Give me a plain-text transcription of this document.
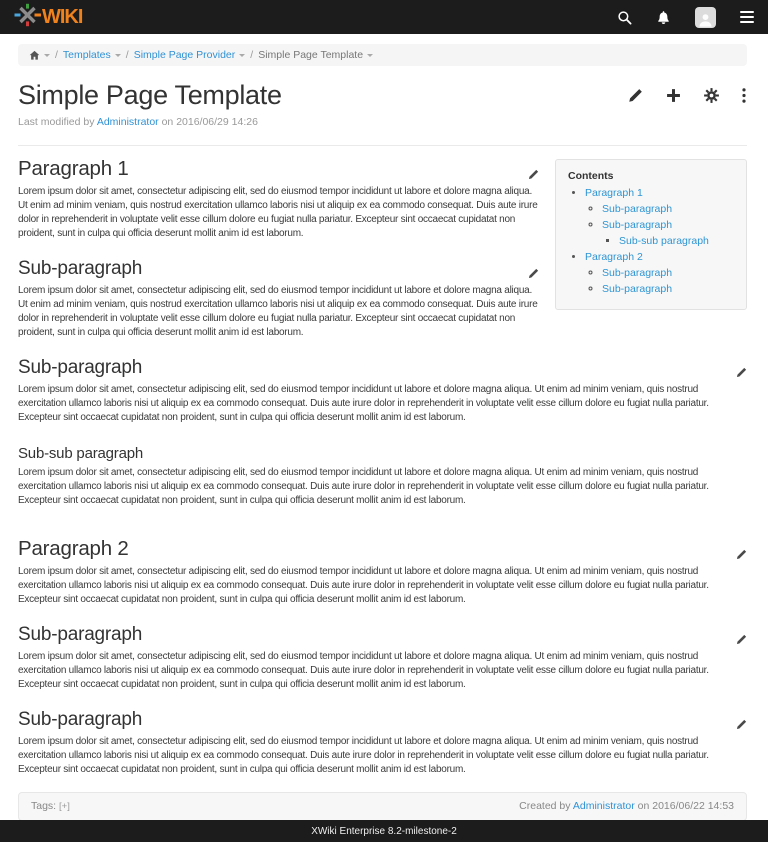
WIKI
/ Templates / Simple Page Provider / Simple Page Template
Simple Page Template

Last modified by Administrator on 2016/06/29 14:26

Contents

• Paragraph 1
◦ Sub-paragraph
◦ Sub-paragraph
▪ Sub-sub paragraph
• Paragraph 2
◦ Sub-paragraph
◦ Sub-paragraph
Paragraph 1

Lorem ipsum dolor sit amet, consectetur adipiscing elit, sed do eiusmod tempor incididunt ut labore et dolore magna aliqua. Ut enim ad minim veniam, quis nostrud exercitation ullamco laboris nisi ut aliquip ex ea commodo consequat. Duis aute irure dolor in reprehenderit in voluptate velit esse cillum dolore eu fugiat nulla pariatur. Excepteur sint occaecat cupidatat non proident, sunt in culpa qui officia deserunt mollit anim id est laborum.

Sub-paragraph

Lorem ipsum dolor sit amet, consectetur adipiscing elit, sed do eiusmod tempor incididunt ut labore et dolore magna aliqua. Ut enim ad minim veniam, quis nostrud exercitation ullamco laboris nisi ut aliquip ex ea commodo consequat. Duis aute irure dolor in reprehenderit in voluptate velit esse cillum dolore eu fugiat nulla pariatur. Excepteur sint occaecat cupidatat non proident, sunt in culpa qui officia deserunt mollit anim id est laborum.

Sub-paragraph

Lorem ipsum dolor sit amet, consectetur adipiscing elit, sed do eiusmod tempor incididunt ut labore et dolore magna aliqua. Ut enim ad minim veniam, quis nostrud exercitation ullamco laboris nisi ut aliquip ex ea commodo consequat. Duis aute irure dolor in reprehenderit in voluptate velit esse cillum dolore eu fugiat nulla pariatur. Excepteur sint occaecat cupidatat non proident, sunt in culpa qui officia deserunt mollit anim id est laborum.

Sub-sub paragraph

Lorem ipsum dolor sit amet, consectetur adipiscing elit, sed do eiusmod tempor incididunt ut labore et dolore magna aliqua. Ut enim ad minim veniam, quis nostrud exercitation ullamco laboris nisi ut aliquip ex ea commodo consequat. Duis aute irure dolor in reprehenderit in voluptate velit esse cillum dolore eu fugiat nulla pariatur. Excepteur sint occaecat cupidatat non proident, sunt in culpa qui officia deserunt mollit anim id est laborum.

Paragraph 2

Lorem ipsum dolor sit amet, consectetur adipiscing elit, sed do eiusmod tempor incididunt ut labore et dolore magna aliqua. Ut enim ad minim veniam, quis nostrud exercitation ullamco laboris nisi ut aliquip ex ea commodo consequat. Duis aute irure dolor in reprehenderit in voluptate velit esse cillum dolore eu fugiat nulla pariatur. Excepteur sint occaecat cupidatat non proident, sunt in culpa qui officia deserunt mollit anim id est laborum.

Sub-paragraph

Lorem ipsum dolor sit amet, consectetur adipiscing elit, sed do eiusmod tempor incididunt ut labore et dolore magna aliqua. Ut enim ad minim veniam, quis nostrud exercitation ullamco laboris nisi ut aliquip ex ea commodo consequat. Duis aute irure dolor in reprehenderit in voluptate velit esse cillum dolore eu fugiat nulla pariatur. Excepteur sint occaecat cupidatat non proident, sunt in culpa qui officia deserunt mollit anim id est laborum.

Sub-paragraph

Lorem ipsum dolor sit amet, consectetur adipiscing elit, sed do eiusmod tempor incididunt ut labore et dolore magna aliqua. Ut enim ad minim veniam, quis nostrud exercitation ullamco laboris nisi ut aliquip ex ea commodo consequat. Duis aute irure dolor in reprehenderit in voluptate velit esse cillum dolore eu fugiat nulla pariatur. Excepteur sint occaecat cupidatat non proident, sunt in culpa qui officia deserunt mollit anim id est laborum.

Tags: [+]	Created by Administrator on 2016/06/22 14:53
XWiki Enterprise 8.2-milestone-2
